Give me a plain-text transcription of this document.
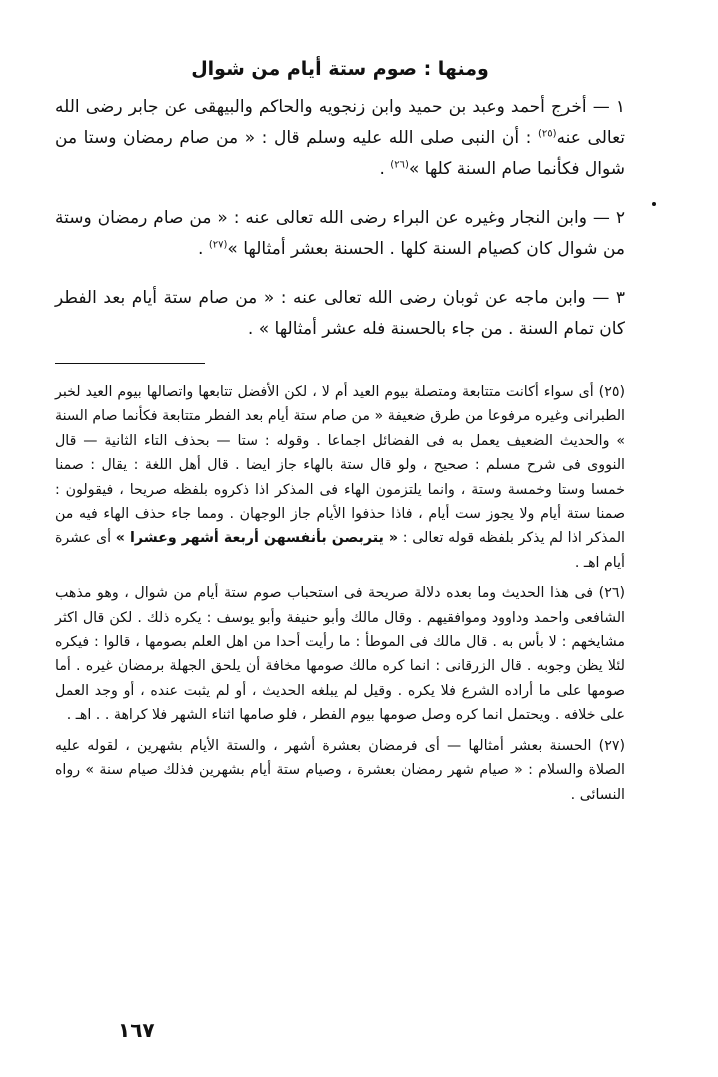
ومنها : صوم ستة أيام من شوال

١ — أخرج أحمد وعبد بن حميد وابن زنجويه والحاكم والبيهقى عن جابر رضى الله تعالى عنه$^{(٢٥)}$ : أن النبى صلى الله عليه وسلم قال : « من صام رمضان وستا من شوال فكأنما صام السنة كلها »$^{(٢٦)}$ .

٢ — وابن النجار وغيره عن البراء رضى الله تعالى عنه : « من صام رمضان وستة من شوال كان كصيام السنة كلها . الحسنة بعشر أمثالها »$^{(٢٧)}$ .

٣ — وابن ماجه عن ثوبان رضى الله تعالى عنه : « من صام ستة أيام بعد الفطر كان تمام السنة . من جاء بالحسنة فله عشر أمثالها » .

(٢٥) أى سواء أكانت متتابعة ومتصلة بيوم العيد أم لا ، لكن الأفضل تتابعها واتصالها بيوم العيد لخبر الطبرانى وغيره مرفوعا من طرق ضعيفة « من صام ستة أيام بعد الفطر متتابعة فكأنما صام السنة » والحديث الضعيف يعمل به فى الفضائل اجماعا . وقوله : ستا — بحذف التاء الثانية — قال النووى فى شرح مسلم : صحيح ، ولو قال ستة بالهاء جاز ايضا . قال أهل اللغة : يقال : صمنا خمسا وستا وخمسة وستة ، وانما يلتزمون الهاء فى المذكر اذا ذكروه بلفظه صريحا ، فيقولون : صمنا ستة أيام ولا يجوز ست أيام ، فاذا حذفوا الأيام جاز الوجهان . ومما جاء حذف الهاء فيه من المذكر اذا لم يذكر بلفظه قوله تعالى : « يتربصن بأنفسهن أربعة أشهر وعشرا » أى عشرة أيام اهـ .

(٢٦) فى هذا الحديث وما بعده دلالة صريحة فى استحباب صوم ستة أيام من شوال ، وهو مذهب الشافعى واحمد وداوود وموافقيهم . وقال مالك وأبو حنيفة وأبو يوسف : يكره ذلك . لكن قال اكثر مشايخهم : لا بأس به . قال مالك فى الموطأ : ما رأيت أحدا من اهل العلم بصومها ، قالوا : فيكره لئلا يظن وجوبه . قال الزرقانى : انما كره مالك صومها مخافة أن يلحق الجهلة برمضان غيره . أما صومها على ما أراده الشرع فلا يكره . وقيل لم يبلغه الحديث ، أو لم يثبت عنده ، أو وجد العمل على خلافه . ويحتمل انما كره وصل صومها بيوم الفطر ، فلو صامها اثناء الشهر فلا كراهة . . اهـ .

(٢٧) الحسنة بعشر أمثالها — أى فرمضان بعشرة أشهر ، والستة الأيام بشهرين ، لقوله عليه الصلاة والسلام : « صيام شهر رمضان بعشرة ، وصيام ستة أيام بشهرين فذلك صيام سنة » رواه النسائى .

١٦٧
